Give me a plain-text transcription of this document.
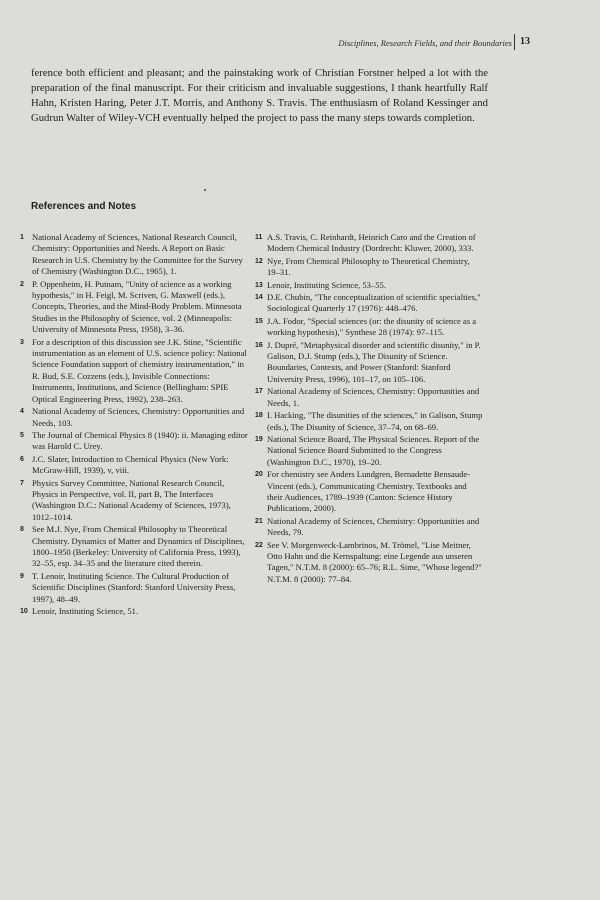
Disciplines, Research Fields, and their Boundaries 13

ference both efficient and pleasant; and the painstaking work of Christian Forstner helped a lot with the preparation of the final manuscript. For their criticism and invaluable suggestions, I thank heartfully Ralf Hahn, Kristen Haring, Peter J.T. Morris, and Anthony S. Travis. The enthusiasm of Roland Kessinger and Gudrun Walter of Wiley-VCH eventually helped the project to pass the many steps towards completion.

References and Notes
1 National Academy of Sciences, National Research Council, Chemistry: Opportunities and Needs. A Report on Basic Research in U.S. Chemistry by the Committee for the Survey of Chemistry (Washington D.C., 1965), 1.
2 P. Oppenheim, H. Putnam, "Unity of science as a working hypothesis," in H. Feigl, M. Scriven, G. Maxwell (eds.), Concepts, Theories, and the Mind-Body Problem. Minnesota Studies in the Philosophy of Science, vol. 2 (Minneapolis: University of Minnesota Press, 1958), 3–36.
3 For a description of this discussion see J.K. Stine, "Scientific instrumentation as an element of U.S. science policy: National Science Foundation support of chemistry instrumentation," in R. Bud, S.E. Cozzens (eds.), Invisible Connections: Instruments, Institutions, and Science (Bellingham: SPIE Optical Engineering Press, 1992), 238–263.
4 National Academy of Sciences, Chemistry: Opportunities and Needs, 103.
5 The Journal of Chemical Physics 8 (1940): ii. Managing editor was Harold C. Urey.
6 J.C. Slater, Introduction to Chemical Physics (New York: McGraw-Hill, 1939), v, viii.
7 Physics Survey Committee, National Research Council, Physics in Perspective, vol. II, part B, The Interfaces (Washington D.C.: National Academy of Sciences, 1973), 1012–1014.
8 See M.J. Nye, From Chemical Philosophy to Theoretical Chemistry. Dynamics of Matter and Dynamics of Disciplines, 1800–1950 (Berkeley: University of California Press, 1993), 32–55, esp. 34–35 and the literature cited therein.
9 T. Lenoir, Instituting Science. The Cultural Production of Scientific Disciplines (Stanford: Stanford University Press, 1997), 48–49.
10 Lenoir, Instituting Science, 51.
11 A.S. Travis, C. Reinhardt, Heinrich Caro and the Creation of Modern Chemical Industry (Dordrecht: Kluwer, 2000), 333.
12 Nye, From Chemical Philosophy to Theoretical Chemistry, 19–31.
13 Lenoir, Instituting Science, 53–55.
14 D.E. Chubin, "The conceptualization of scientific specialties," Sociological Quarterly 17 (1976): 448–476.
15 J.A. Fodor, "Special sciences (or: the disunity of science as a working hypothesis)," Synthese 28 (1974): 97–115.
16 J. Dupré, "Metaphysical disorder and scientific disunity," in P. Galison, D.J. Stump (eds.), The Disunity of Science. Boundaries, Contexts, and Power (Stanford: Stanford University Press, 1996), 101–17, on 105–106.
17 National Academy of Sciences, Chemistry: Opportunities and Needs, 1.
18 I. Hacking, "The disunities of the sciences," in Galison, Stump (eds.), The Disunity of Science, 37–74, on 68–69.
19 National Science Board, The Physical Sciences. Report of the National Science Board Submitted to the Congress (Washington D.C., 1970), 19–20.
20 For chemistry see Anders Lundgren, Bernadette Bensaude-Vincent (eds.), Communicating Chemistry. Textbooks and their Audiences, 1789–1939 (Canton: Science History Publications, 2000).
21 National Academy of Sciences, Chemistry: Opportunities and Needs, 79.
22 See V. Morgenweck-Lambrinos, M. Trömel, "Lise Meitner, Otto Hahn und die Kernspaltung: eine Legende aus unseren Tagen," N.T.M. 8 (2000): 65–76; R.L. Sime, "Whose legend?" N.T.M. 8 (2000): 77–84.
